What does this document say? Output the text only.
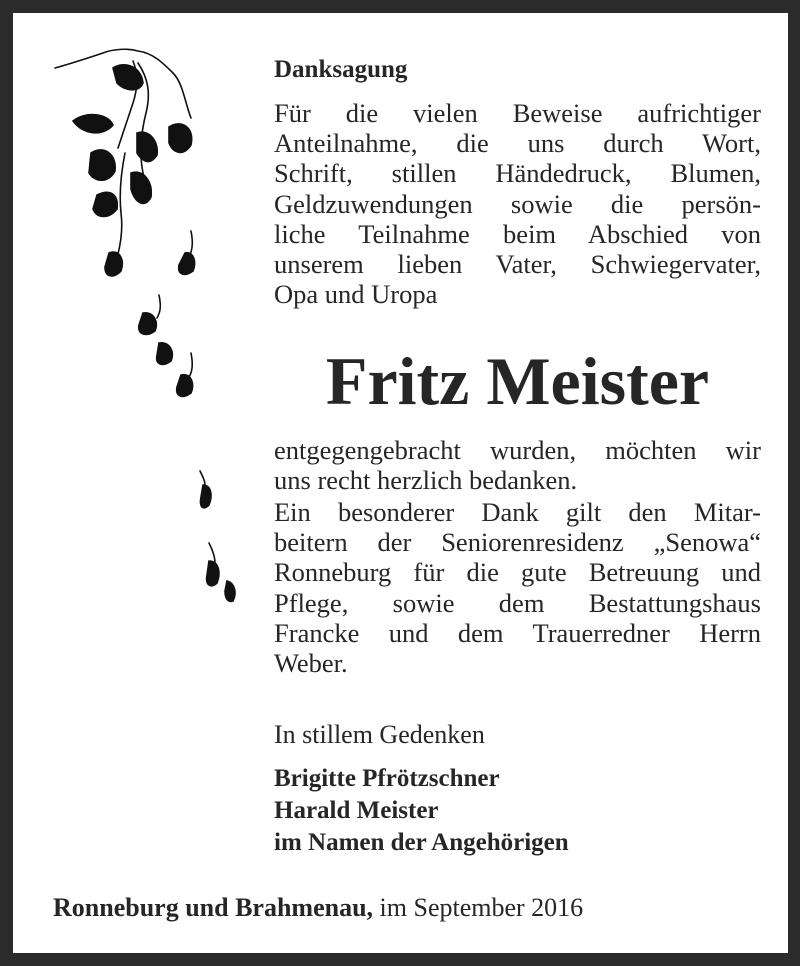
Danksagung
Für die vielen Beweise aufrichtiger
Anteilnahme, die uns durch Wort,
Schrift, stillen Händedruck, Blumen,
Geldzuwendungen sowie die persön-
liche Teilnahme beim Abschied von
unserem lieben Vater, Schwiegervater,
Opa und Uropa
Fritz Meister
entgegengebracht wurden, möchten wir
uns recht herzlich bedanken.
Ein besonderer Dank gilt den Mitar-
beitern der Seniorenresidenz „Senowa“
Ronneburg für die gute Betreuung und
Pflege, sowie dem Bestattungshaus
Francke und dem Trauerredner Herrn
Weber.
In stillem Gedenken
Brigitte Pfrötzschner
Harald Meister
im Namen der Angehörigen
Ronneburg und Brahmenau, im September 2016
